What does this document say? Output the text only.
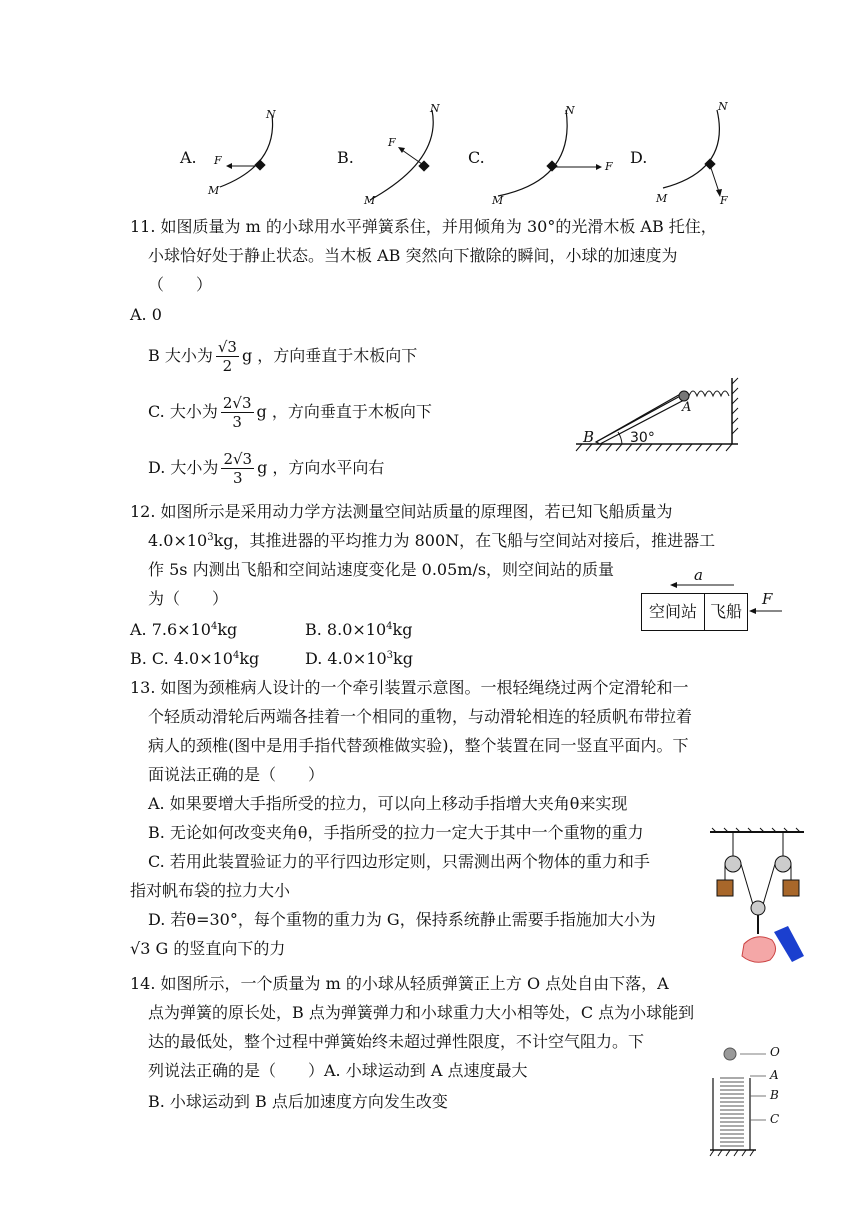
A.
N
F
M
B.
N
F
M
C.
N
F
M
D.
N
F
M
11. 如图质量为 m 的小球用水平弹簧系住，并用倾角为 30°的光滑木板 AB 托住，
小球恰好处于静止状态。当木板 AB 突然向下撤除的瞬间，小球的加速度为
（　　）
A. 0
B 大小为 $\frac{√3}{2}$ g ，方向垂直于木板向下
C. 大小为 $\frac{2√3}{3}$ g ，方向垂直于木板向下
D. 大小为 $\frac{2√3}{3}$ g ，方向水平向右
A
B	30°
12. 如图所示是采用动力学方法测量空间站质量的原理图，若已知飞船质量为
$4.0\times 10^3kg$，其推进器的平均推力为 800N，在飞船与空间站对接后，推进器工
作 5s 内测出飞船和空间站速度变化是 0.05m/s，则空间站的质量
为（　　）
A. $7.6\times 10^4kg$	B. $8.0\times 10^4kg$
B. C. $4.0\times 10^4kg$	D. $4.0\times 10^3kg$
a
空间站 飞船
F
13. 如图为颈椎病人设计的一个牵引装置示意图。一根轻绳绕过两个定滑轮和一
个轻质动滑轮后两端各挂着一个相同的重物，与动滑轮相连的轻质帆布带拉着
病人的颈椎(图中是用手指代替颈椎做实验)，整个装置在同一竖直平面内。下
面说法正确的是（　　）
A. 如果要增大手指所受的拉力，可以向上移动手指增大夹角θ来实现
B. 无论如何改变夹角θ，手指所受的拉力一定大于其中一个重物的重力
C. 若用此装置验证力的平行四边形定则，只需测出两个物体的重力和手
指对帆布袋的拉力大小
D. 若θ=30°，每个重物的重力为 G，保持系统静止需要手指施加大小为
√3 G 的竖直向下的力
14. 如图所示，一个质量为 m 的小球从轻质弹簧正上方 O 点处自由下落，A
点为弹簧的原长处，B 点为弹簧弹力和小球重力大小相等处，C 点为小球能到
达的最低处，整个过程中弹簧始终未超过弹性限度，不计空气阻力。下
列说法正确的是（　　）A. 小球运动到 A 点速度最大
B. 小球运动到 B 点后加速度方向发生改变
O
A
B
C
